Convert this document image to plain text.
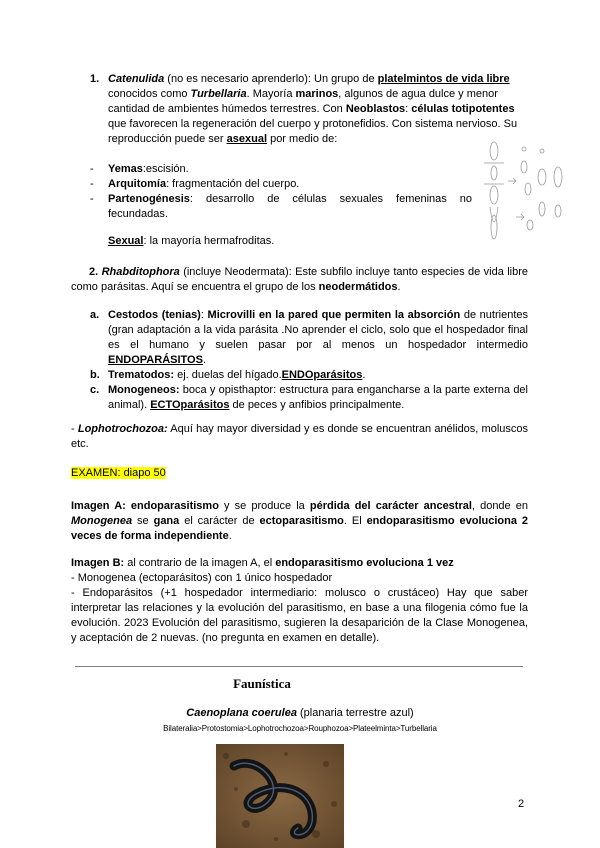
1. Catenulida (no es necesario aprenderlo): Un grupo de platelmintos de vida libre conocidos como Turbellaria. Mayoría marinos, algunos de agua dulce y menor cantidad de ambientes húmedos terrestres. Con Neoblastos: células totipotentes que favorecen la regeneración del cuerpo y protonefidios. Con sistema nervioso. Su reproducción puede ser asexual por medio de:

- Yemas:escisión.
- Arquitomía: fragmentación del cuerpo.
- Partenogénesis: desarrollo de células sexuales femeninas no fecundadas.
Sexual: la mayoría hermafroditas.

2. Rhabditophora (incluye Neodermata): Este subfilo incluye tanto especies de vida libre como parásitas. Aquí se encuentra el grupo de los neodermátidos.

a. Cestodos (tenias): Microvilli en la pared que permiten la absorción de nutrientes (gran adaptación a la vida parásita .No aprender el ciclo, solo que el hospedador final es el humano y suelen pasar por al menos un hospedador intermedio ENDOPARÁSITOS.
b. Trematodos: ej. duelas del hígado.ENDOparásitos.
c. Monogeneos: boca y opisthaptor: estructura para engancharse a la parte externa del animal). ECTOparásitos de peces y anfibios principalmente.

- Lophotrochozoa: Aquí hay mayor diversidad y es donde se encuentran anélidos, moluscos etc.

EXAMEN: diapo 50

Imagen A: endoparasitismo y se produce la pérdida del carácter ancestral, donde en Monogenea se gana el carácter de ectoparasitismo. El endoparasitismo evoluciona 2 veces de forma independiente.

Imagen B: al contrario de la imagen A, el endoparasitismo evoluciona 1 vez

- Monogenea (ectoparásitos) con 1 único hospedador

- Endoparásitos (+1 hospedador intermediario: molusco o crustáceo) Hay que saber interpretar las relaciones y la evolución del parasitismo, en base a una filogenia cómo fue la evolución. 2023 Evolución del parasitismo, sugieren la desaparición de la Clase Monogenea, y aceptación de 2 nuevas. (no pregunta en examen en detalle).

Faunística
Caenoplana coerulea (planaria terrestre azul)
Bilateralia>Protostomia>Lophotrochozoa>Rouphozoa>Plateelminta>Turbellaria
2
